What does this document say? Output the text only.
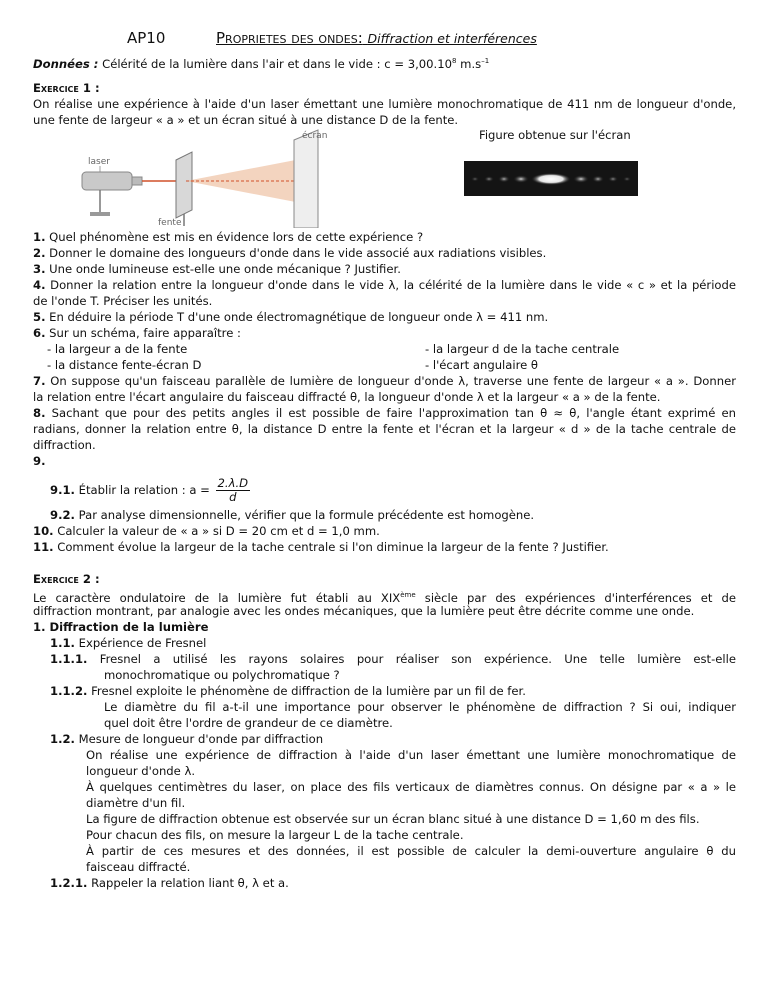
AP10	Proprietes des ondes: Diffraction et interférences
Données : Célérité de la lumière dans l'air et dans le vide : $c = 3,00.10^8$ $m.s^{-1}$
Exercice 1 :
On réalise une expérience à l'aide d'un laser émettant une lumière monochromatique de 411 nm de longueur d'onde,
une fente de largeur « a » et un écran situé à une distance D de la fente.
Figure obtenue sur l'écran
laser
fente
écran
1. Quel phénomène est mis en évidence lors de cette expérience ?
2. Donner le domaine des longueurs d'onde dans le vide associé aux radiations visibles.
3. Une onde lumineuse est-elle une onde mécanique ? Justifier.
4. Donner la relation entre la longueur d'onde dans le vide λ, la célérité de la lumière dans le vide « c » et la période
de l'onde T. Préciser les unités.
5. En déduire la période T d'une onde électromagnétique de longueur onde λ = 411 nm.
6. Sur un schéma, faire apparaître :
- la largeur a de la fente	- la largeur d de la tache centrale
- la distance fente-écran D	- l'écart angulaire θ
7. On suppose qu'un faisceau parallèle de lumière de longueur d'onde λ, traverse une fente de largeur « a ». Donner
la relation entre l'écart angulaire du faisceau diffracté θ, la longueur d'onde λ et la largeur « a » de la fente.
8. Sachant que pour des petits angles il est possible de faire l'approximation tan θ ≈ θ, l'angle étant exprimé en
radians, donner la relation entre θ, la distance D entre la fente et l'écran et la largeur « d » de la tache centrale de
diffraction.
9.
9.1. Établir la relation : $a = \frac{2.\lambda.D}{d}$
9.2. Par analyse dimensionnelle, vérifier que la formule précédente est homogène.
10. Calculer la valeur de « a » si D = 20 cm et d = 1,0 mm.
11. Comment évolue la largeur de la tache centrale si l'on diminue la largeur de la fente ? Justifier.
Exercice 2 :
Le caractère ondulatoire de la lumière fut établi au XIXème siècle par des expériences d'interférences et de
diffraction montrant, par analogie avec les ondes mécaniques, que la lumière peut être décrite comme une onde.
1. Diffraction de la lumière
1.1. Expérience de Fresnel
1.1.1. Fresnel a utilisé les rayons solaires pour réaliser son expérience. Une telle lumière est-elle
monochromatique ou polychromatique ?
1.1.2. Fresnel exploite le phénomène de diffraction de la lumière par un fil de fer.
Le diamètre du fil a-t-il une importance pour observer le phénomène de diffraction ? Si oui, indiquer
quel doit être l'ordre de grandeur de ce diamètre.
1.2. Mesure de longueur d'onde par diffraction
On réalise une expérience de diffraction à l'aide d'un laser émettant une lumière monochromatique de
longueur d'onde λ.
À quelques centimètres du laser, on place des fils verticaux de diamètres connus. On désigne par « a » le
diamètre d'un fil.
La figure de diffraction obtenue est observée sur un écran blanc situé à une distance D = 1,60 m des fils.
Pour chacun des fils, on mesure la largeur L de la tache centrale.
À partir de ces mesures et des données, il est possible de calculer la demi-ouverture angulaire θ du
faisceau diffracté.
1.2.1. Rappeler la relation liant θ, λ et a.
